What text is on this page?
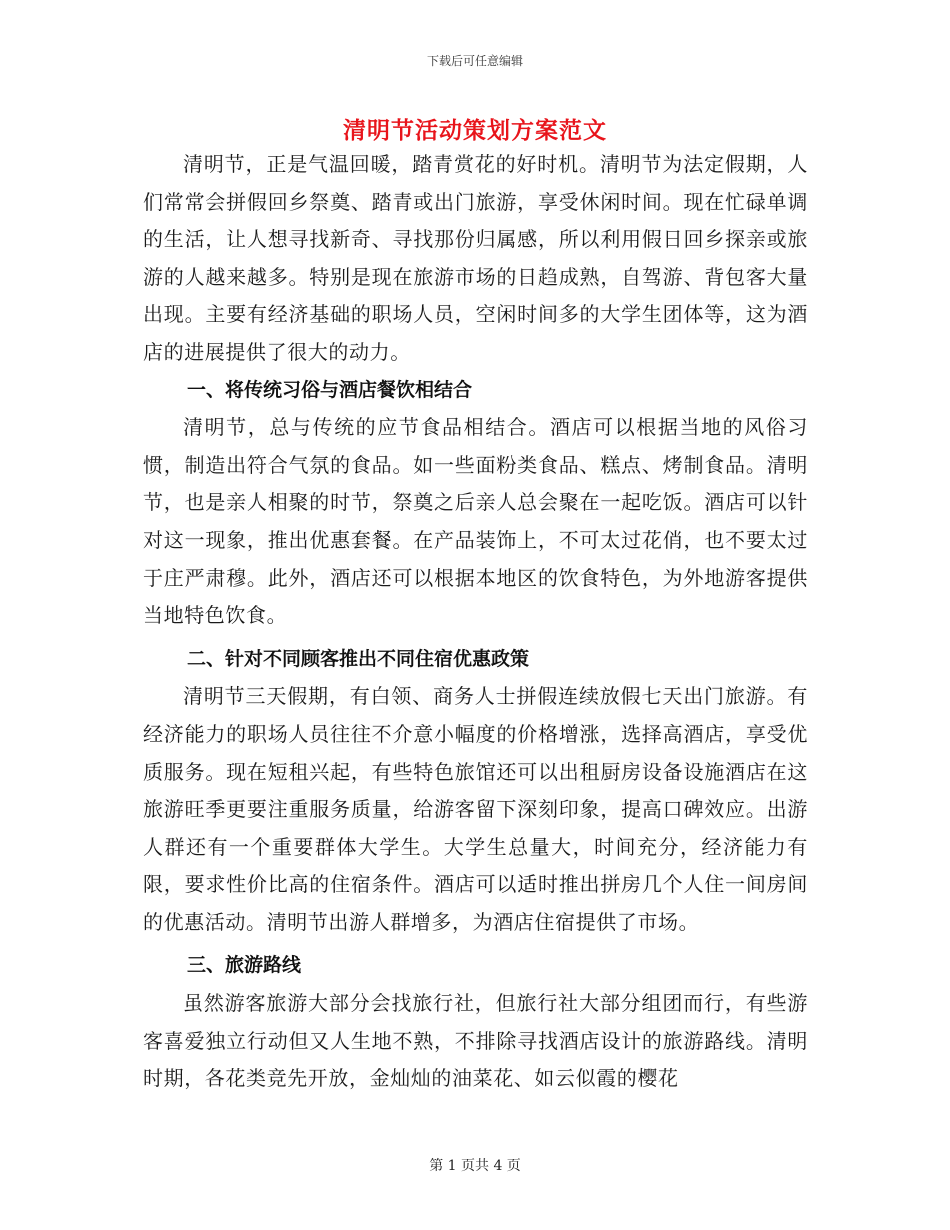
下载后可任意编辑
清明节活动策划方案范文

清明节，正是气温回暖，踏青赏花的好时机。清明节为法定假期，人们常常会拼假回乡祭奠、踏青或出门旅游，享受休闲时间。现在忙碌单调的生活，让人想寻找新奇、寻找那份归属感，所以利用假日回乡探亲或旅游的人越来越多。特别是现在旅游市场的日趋成熟，自驾游、背包客大量出现。主要有经济基础的职场人员，空闲时间多的大学生团体等，这为酒店的进展提供了很大的动力。

一、将传统习俗与酒店餐饮相结合

清明节，总与传统的应节食品相结合。酒店可以根据当地的风俗习惯，制造出符合气氛的食品。如一些面粉类食品、糕点、烤制食品。清明节，也是亲人相聚的时节，祭奠之后亲人总会聚在一起吃饭。酒店可以针对这一现象，推出优惠套餐。在产品装饰上，不可太过花俏，也不要太过于庄严肃穆。此外，酒店还可以根据本地区的饮食特色，为外地游客提供当地特色饮食。

二、针对不同顾客推出不同住宿优惠政策

清明节三天假期，有白领、商务人士拼假连续放假七天出门旅游。有经济能力的职场人员往往不介意小幅度的价格增涨，选择高酒店，享受优质服务。现在短租兴起，有些特色旅馆还可以出租厨房设备设施酒店在这旅游旺季更要注重服务质量，给游客留下深刻印象，提高口碑效应。出游人群还有一个重要群体大学生。大学生总量大，时间充分，经济能力有限，要求性价比高的住宿条件。酒店可以适时推出拼房几个人住一间房间的优惠活动。清明节出游人群增多，为酒店住宿提供了市场。

三、旅游路线

虽然游客旅游大部分会找旅行社，但旅行社大部分组团而行，有些游客喜爱独立行动但又人生地不熟，不排除寻找酒店设计的旅游路线。清明时期，各花类竞先开放，金灿灿的油菜花、如云似霞的樱花

第 1 页共 4 页
